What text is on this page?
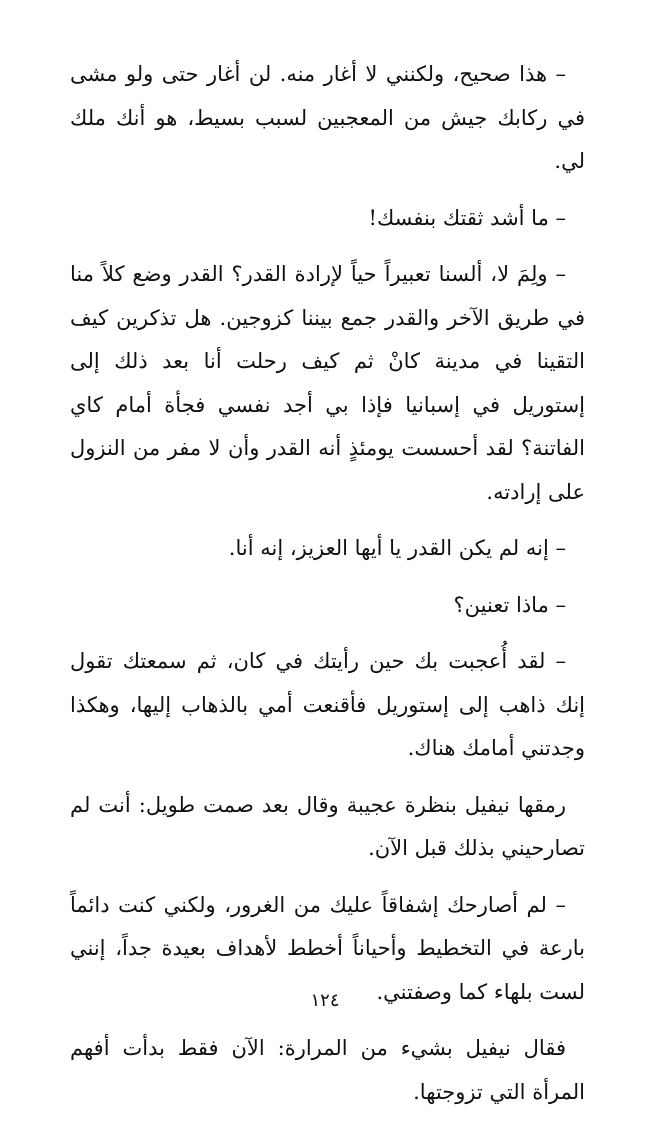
– هذا صحيح، ولكنني لا أغار منه. لن أغار حتى ولو مشى في ركابك جيش من المعجبين لسبب بسيط، هو أنك ملك لي.

– ما أشد ثقتك بنفسك!

– ولِمَ لا، ألسنا تعبيراً حياً لإرادة القدر؟ القدر وضع كلاً منا في طريق الآخر والقدر جمع بيننا كزوجين. هل تذكرين كيف التقينا في مدينة كانْ ثم كيف رحلت أنا بعد ذلك إلى إستوريل في إسبانيا فإذا بي أجد نفسي فجأة أمام كاي الفاتنة؟ لقد أحسست يومئذٍ أنه القدر وأن لا مفر من النزول على إرادته.

– إنه لم يكن القدر يا أيها العزيز، إنه أنا.

– ماذا تعنين؟

– لقد أُعجبت بك حين رأيتك في كان، ثم سمعتك تقول إنك ذاهب إلى إستوريل فأقنعت أمي بالذهاب إليها، وهكذا وجدتني أمامك هناك.

رمقها نيفيل بنظرة عجيبة وقال بعد صمت طويل: أنت لم تصارحيني بذلك قبل الآن.

– لم أصارحك إشفاقاً عليك من الغرور، ولكني كنت دائماً بارعة في التخطيط وأحياناً أخطط لأهداف بعيدة جداً، إنني لست بلهاء كما وصفتني.

فقال نيفيل بشيء من المرارة: الآن فقط بدأت أفهم المرأة التي تزوجتها.

١٢٤
